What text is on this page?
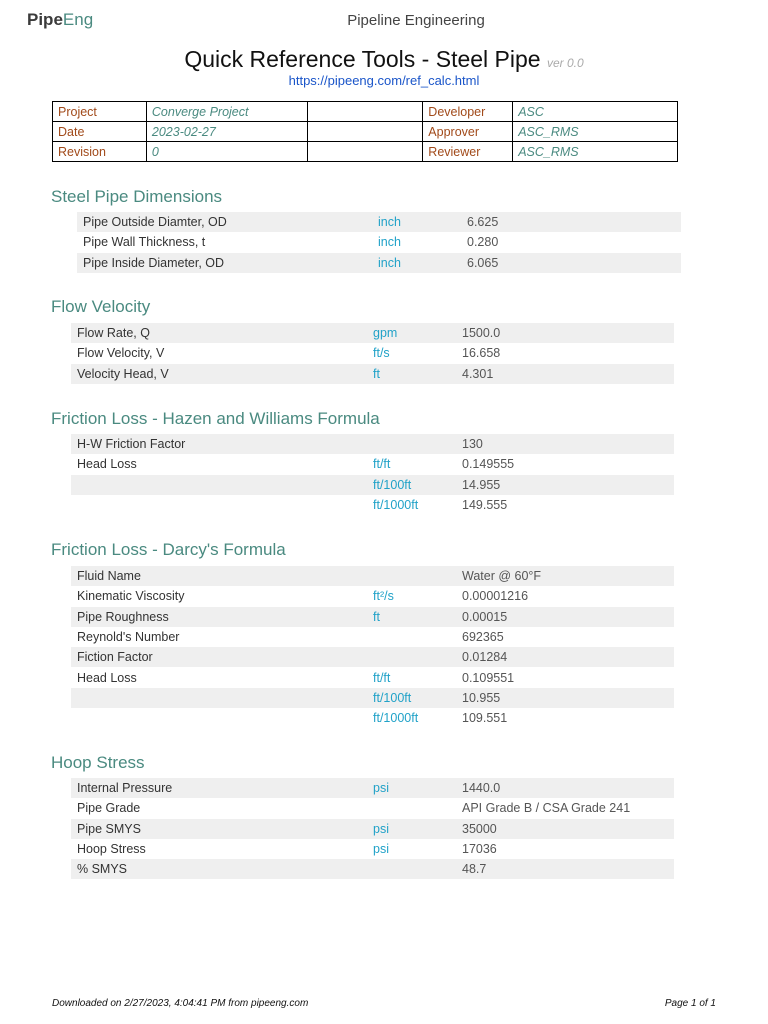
PipeEng	Pipeline Engineering
Quick Reference Tools - Steel Pipe ver 0.0
https://pipeeng.com/ref_calc.html
Project	Converge Project		Developer	ASC
Date	2023-02-27		Approver	ASC_RMS
Revision	0		Reviewer	ASC_RMS
Steel Pipe Dimensions
Pipe Outside Diamter, OD	inch	6.625
Pipe Wall Thickness, t	inch	0.280
Pipe Inside Diameter, OD	inch	6.065
Flow Velocity
Flow Rate, Q	gpm	1500.0
Flow Velocity, V	ft/s	16.658
Velocity Head, V	ft	4.301
Friction Loss - Hazen and Williams Formula
H-W Friction Factor		130
Head Loss	ft/ft	0.149555
	ft/100ft	14.955
	ft/1000ft	149.555
Friction Loss - Darcy's Formula
Fluid Name		Water @ 60°F
Kinematic Viscosity	ft²/s	0.00001216
Pipe Roughness	ft	0.00015
Reynold's Number		692365
Fiction Factor		0.01284
Head Loss	ft/ft	0.109551
	ft/100ft	10.955
	ft/1000ft	109.551
Hoop Stress
Internal Pressure	psi	1440.0
Pipe Grade		API Grade B / CSA Grade 241
Pipe SMYS	psi	35000
Hoop Stress	psi	17036
% SMYS		48.7
Downloaded on 2/27/2023, 4:04:41 PM from pipeeng.com	Page 1 of 1
